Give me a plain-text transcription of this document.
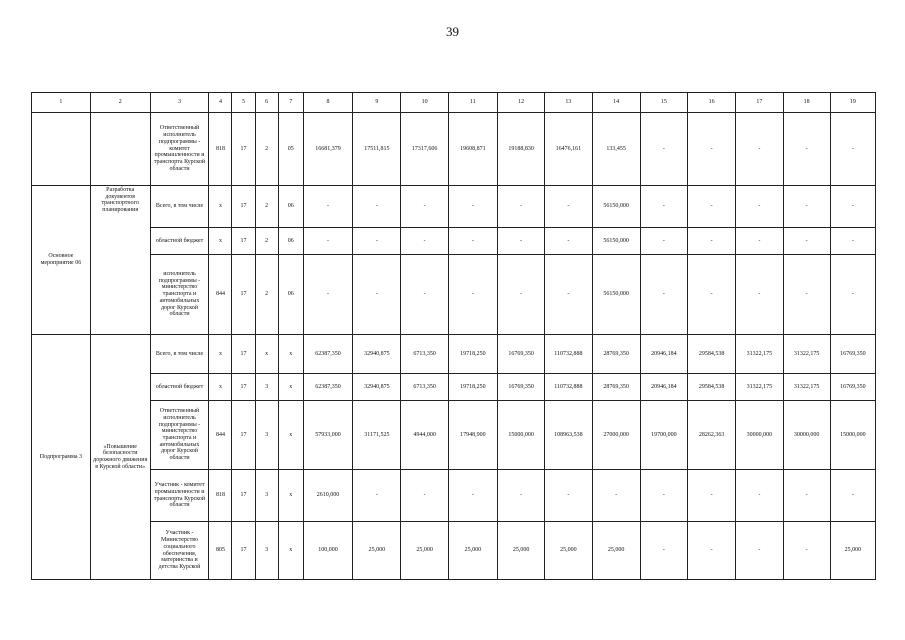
39
1	2	3	4	5	6	7	8	9	10	11	12	13	14	15	16	17	18	19
		Ответственный исполнитель подпрограммы - комитет промышленности и транспорта Курской области	818	17	2	05	16681,379	17511,815	17317,606	19608,871	19188,830	16476,161	133,455	-	-	-	-	-
Основное мероприятие 06	Разработка документов транспортного планирования	Всего, в том числе	х	17	2	06	-	-	-	-	-	-	56150,000	-	-	-	-	-
		областной бюджет	х	17	2	06	-	-	-	-	-	-	56150,000	-	-	-	-	-
		исполнитель подпрограммы - министерство транспорта и автомобильных дорог Курской области	844	17	2	06	-	-	-	-	-	-	56150,000	-	-	-	-	-
Подпрограмма 3	«Повышение безопасности дорожного движения в Курской области»	Всего, в том числе	х	17	х	х	62387,350	32940,875	6713,350	19718,250	16769,350	110732,888	28769,350	20946,184	29584,538	31322,175	31322,175	16769,350
		областной бюджет	х	17	3	х	62387,350	32940,875	6713,350	19718,250	16769,350	110732,888	28769,350	20946,184	29584,538	31322,175	31322,175	16769,350
		Ответственный исполнитель подпрограммы - министерство транспорта и автомобильных дорог Курской области	844	17	3	х	57933,000	31171,525	4944,000	17948,900	15000,000	108963,538	27000,000	19700,000	28262,363	30000,000	30000,000	15000,000
		Участник - комитет промышленности и транспорта Курской области	818	17	3	х	2610,000	-	-	-	-	-	-	-	-	-	-	-
		Участник - Министерство социального обеспечения, материнства и детства Курской	805	17	3	х	100,000	25,000	25,000	25,000	25,000	25,000	25,000	-	-	-	-	25,000
